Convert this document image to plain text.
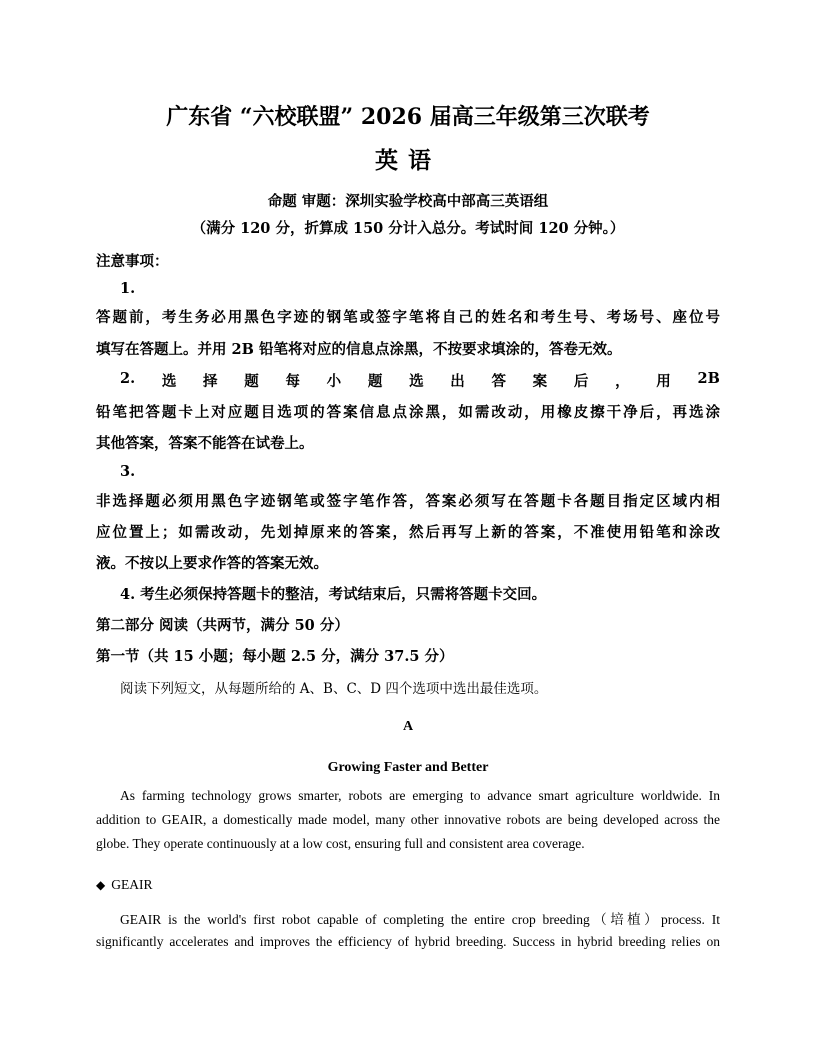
广东省 “六校联盟” 2026 届高三年级第三次联考
英语
命题 审题：深圳实验学校高中部高三英语组
（满分 120 分，折算成 150 分计入总分。考试时间 120 分钟。）
注意事项：
1.
答题前，考生务必用黑色字迹的钢笔或签字笔将自己的姓名和考生号、考场号、座位号
填写在答题上。并用 2B 铅笔将对应的信息点涂黑，不按要求填涂的，答卷无效。
2. 选 择 题 每 小 题 选 出 答 案 后 ， 用 2B
铅笔把答题卡上对应题目选项的答案信息点涂黑，如需改动，用橡皮擦干净后，再选涂
其他答案，答案不能答在试卷上。
3.
非选择题必须用黑色字迹钢笔或签字笔作答，答案必须写在答题卡各题目指定区域内相
应位置上；如需改动，先划掉原来的答案，然后再写上新的答案，不准使用铅笔和涂改
液。不按以上要求作答的答案无效。
4. 考生必须保持答题卡的整洁，考试结束后，只需将答题卡交回。
第二部分 阅读（共两节，满分 50 分）
第一节（共 15 小题；每小题 2.5 分，满分 37.5 分）
阅读下列短文，从每题所给的 A、B、C、D 四个选项中选出最佳选项。
A
Growing Faster and Better
As farming technology grows smarter, robots are emerging to advance smart agriculture worldwide. In
addition to GEAIR, a domestically made model, many other innovative robots are being developed across the
globe. They operate continuously at a low cost, ensuring full and consistent area coverage.
◆ GEAIR
GEAIR is the world's first robot capable of completing the entire crop breeding（培植）process. It
significantly accelerates and improves the efficiency of hybrid breeding. Success in hybrid breeding relies on
